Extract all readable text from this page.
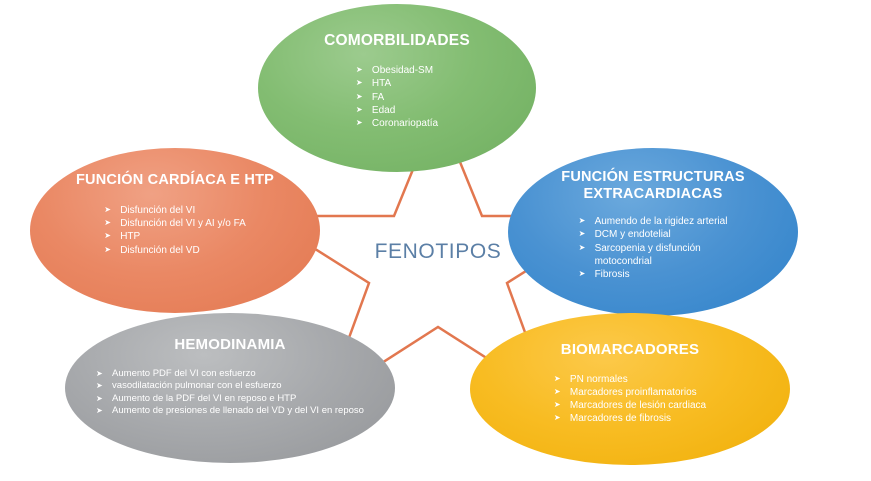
COMORBILIDADES
➤ Obesidad-SM
➤ HTA
➤ FA
➤ Edad
➤ Coronariopatía
FUNCIÓN CARDÍACA E HTP
➤ Disfunción del VI
➤ Disfunción del VI y AI y/o FA
➤ HTP
➤ Disfunción del VD
FUNCIÓN ESTRUCTURAS EXTRACARDIACAS
➤ Aumendo de la rigidez arterial
➤ DCM y endotelial
➤ Sarcopenia y disfunción motocondrial
➤ Fibrosis
HEMODINAMIA
➤ Aumento PDF del VI con esfuerzo
➤ vasodilatación pulmonar con el esfuerzo
➤ Aumento de la PDF del VI en reposo e HTP
➤ Aumento de presiones de llenado del VD y del VI en reposo
BIOMARCADORES
➤ PN normales
➤ Marcadores proinflamatorios
➤ Marcadores de lesión cardiaca
➤ Marcadores de fibrosis
FENOTIPOS
